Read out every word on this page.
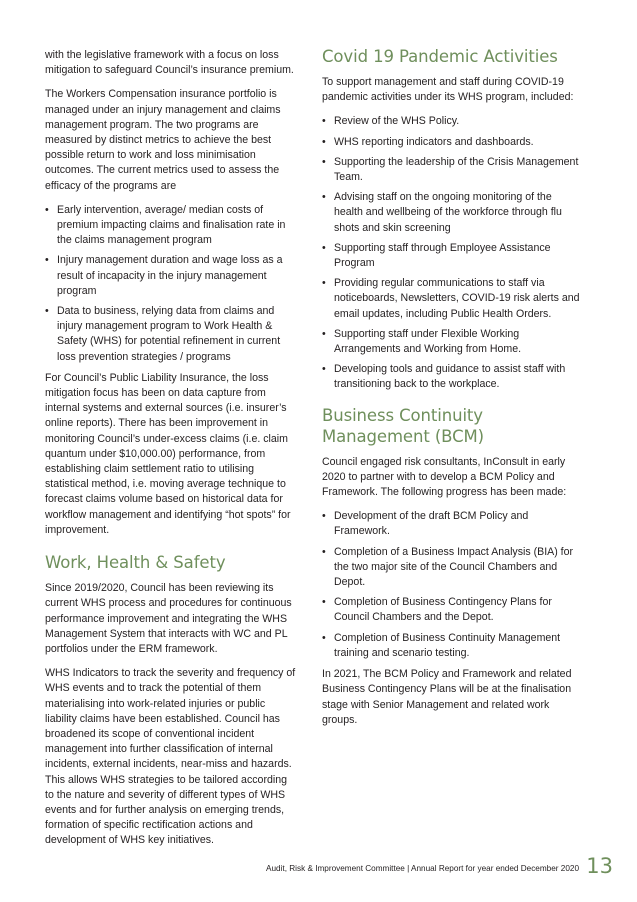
with the legislative framework with a focus on loss mitigation to safeguard Council’s insurance premium.

The Workers Compensation insurance portfolio is managed under an injury management and claims management program. The two programs are measured by distinct metrics to achieve the best possible return to work and loss minimisation outcomes. The current metrics used to assess the efficacy of the programs are

• Early intervention, average/ median costs of premium impacting claims and finalisation rate in the claims management program
• Injury management duration and wage loss as a result of incapacity in the injury management program
• Data to business, relying data from claims and injury management program to Work Health & Safety (WHS) for potential refinement in current loss prevention strategies / programs

For Council’s Public Liability Insurance, the loss mitigation focus has been on data capture from internal systems and external sources (i.e. insurer’s online reports). There has been improvement in monitoring Council’s under-excess claims (i.e. claim quantum under $10,000.00) performance, from establishing claim settlement ratio to utilising statistical method, i.e. moving average technique to forecast claims volume based on historical data for workflow management and identifying “hot spots” for improvement.

Work, Health & Safety

Since 2019/2020, Council has been reviewing its current WHS process and procedures for continuous performance improvement and integrating the WHS Management System that interacts with WC and PL portfolios under the ERM framework.

WHS Indicators to track the severity and frequency of WHS events and to track the potential of them materialising into work-related injuries or public liability claims have been established. Council has broadened its scope of conventional incident management into further classification of internal incidents, external incidents, near-miss and hazards. This allows WHS strategies to be tailored according to the nature and severity of different types of WHS events and for further analysis on emerging trends, formation of specific rectification actions and development of WHS key initiatives.

Covid 19 Pandemic Activities

To support management and staff during COVID-19 pandemic activities under its WHS program, included:

• Review of the WHS Policy.
• WHS reporting indicators and dashboards.
• Supporting the leadership of the Crisis Management Team.
• Advising staff on the ongoing monitoring of the health and wellbeing of the workforce through flu shots and skin screening
• Supporting staff through Employee Assistance Program
• Providing regular communications to staff via noticeboards, Newsletters, COVID-19 risk alerts and email updates, including Public Health Orders.
• Supporting staff under Flexible Working Arrangements and Working from Home.
• Developing tools and guidance to assist staff with transitioning back to the workplace.
Business Continuity Management (BCM)

Council engaged risk consultants, InConsult in early 2020 to partner with to develop a BCM Policy and Framework. The following progress has been made:

• Development of the draft BCM Policy and Framework.
• Completion of a Business Impact Analysis (BIA) for the two major site of the Council Chambers and Depot.
• Completion of Business Contingency Plans for Council Chambers and the Depot.
• Completion of Business Continuity Management training and scenario testing.

In 2021, The BCM Policy and Framework and related Business Contingency Plans will be at the finalisation stage with Senior Management and related work groups.

Audit, Risk & Improvement Committee | Annual Report for year ended December 2020 13
